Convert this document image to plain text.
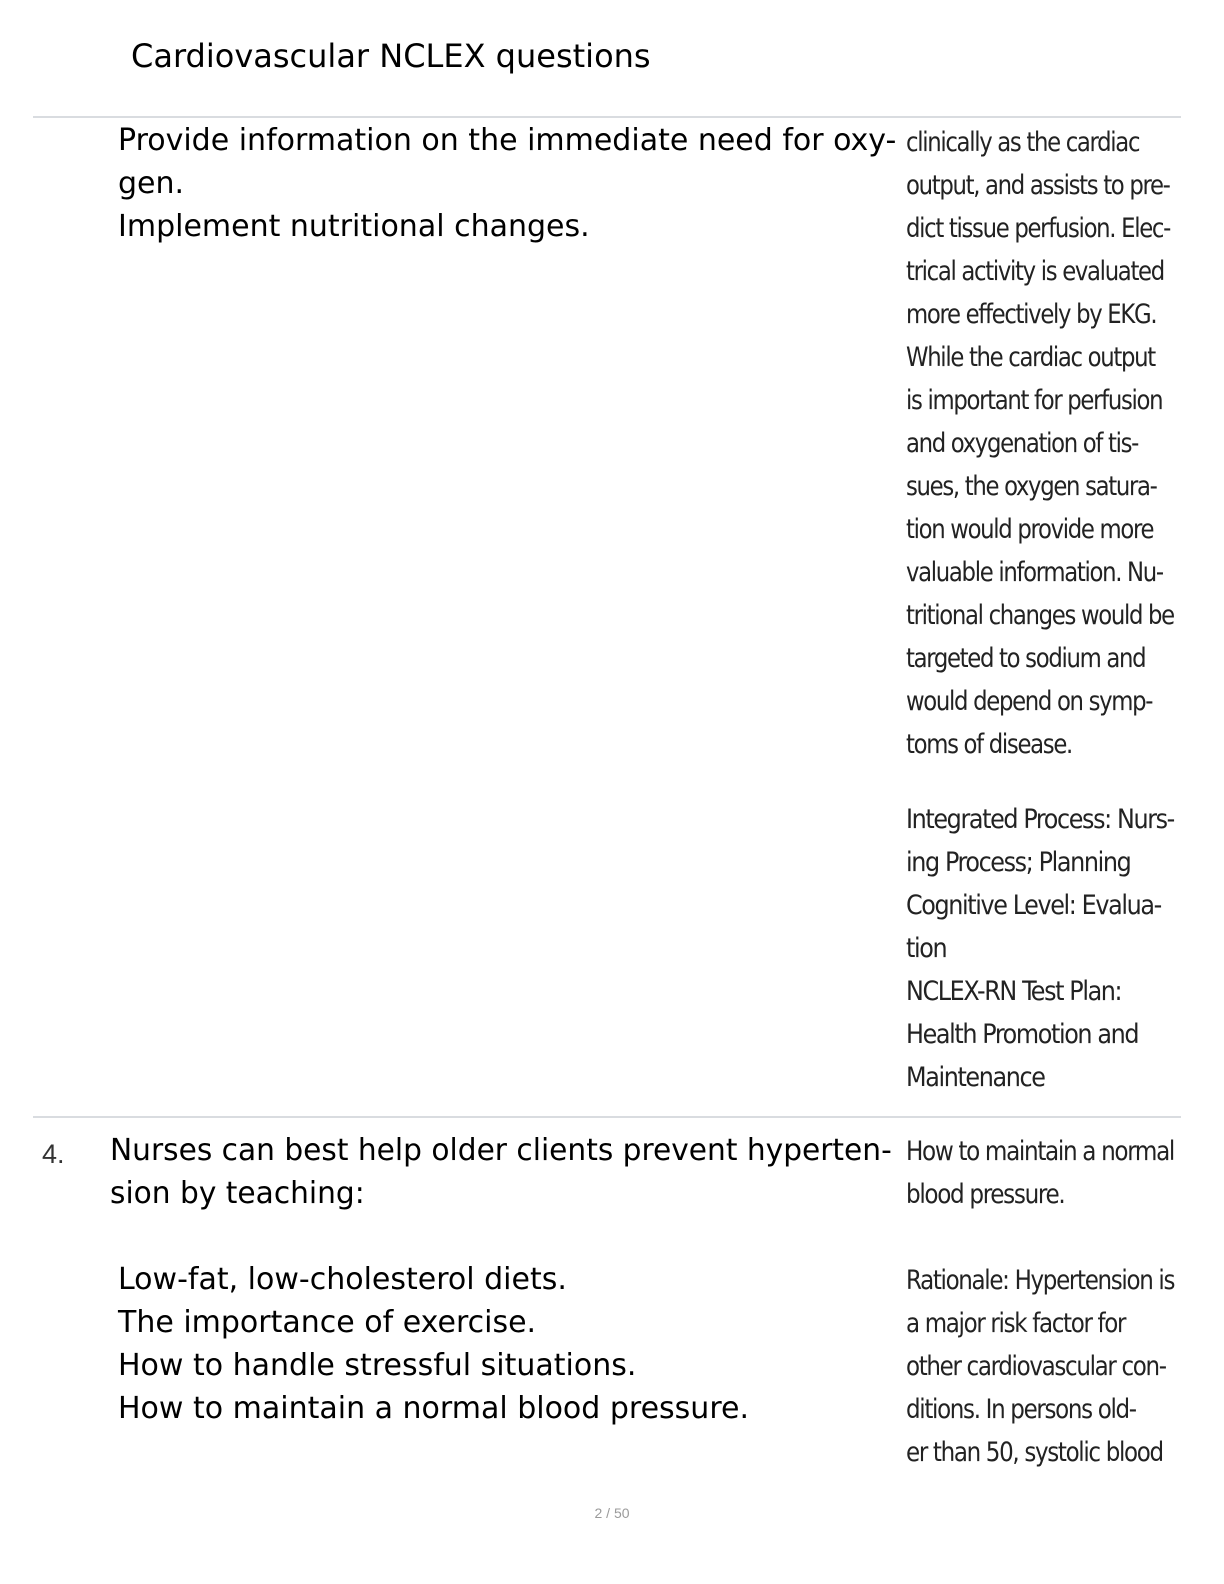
Cardiovascular NCLEX questions
Provide information on the immediate need for oxy-
gen.
Implement nutritional changes.
clinically as the cardiac
output, and assists to pre-
dict tissue perfusion. Elec-
trical activity is evaluated
more effectively by EKG.
While the cardiac output
is important for perfusion
and oxygenation of tis-
sues, the oxygen satura-
tion would provide more
valuable information. Nu-
tritional changes would be
targeted to sodium and
would depend on symp-
toms of disease.
Integrated Process: Nurs-
ing Process; Planning
Cognitive Level: Evalua-
tion
NCLEX-RN Test Plan:
Health Promotion and
Maintenance
4. Nurses can best help older clients prevent hyperten-
sion by teaching:
Low-fat, low-cholesterol diets.
The importance of exercise.
How to handle stressful situations.
How to maintain a normal blood pressure.
How to maintain a normal
blood pressure.
Rationale: Hypertension is
a major risk factor for
other cardiovascular con-
ditions. In persons old-
er than 50, systolic blood
2 / 50
